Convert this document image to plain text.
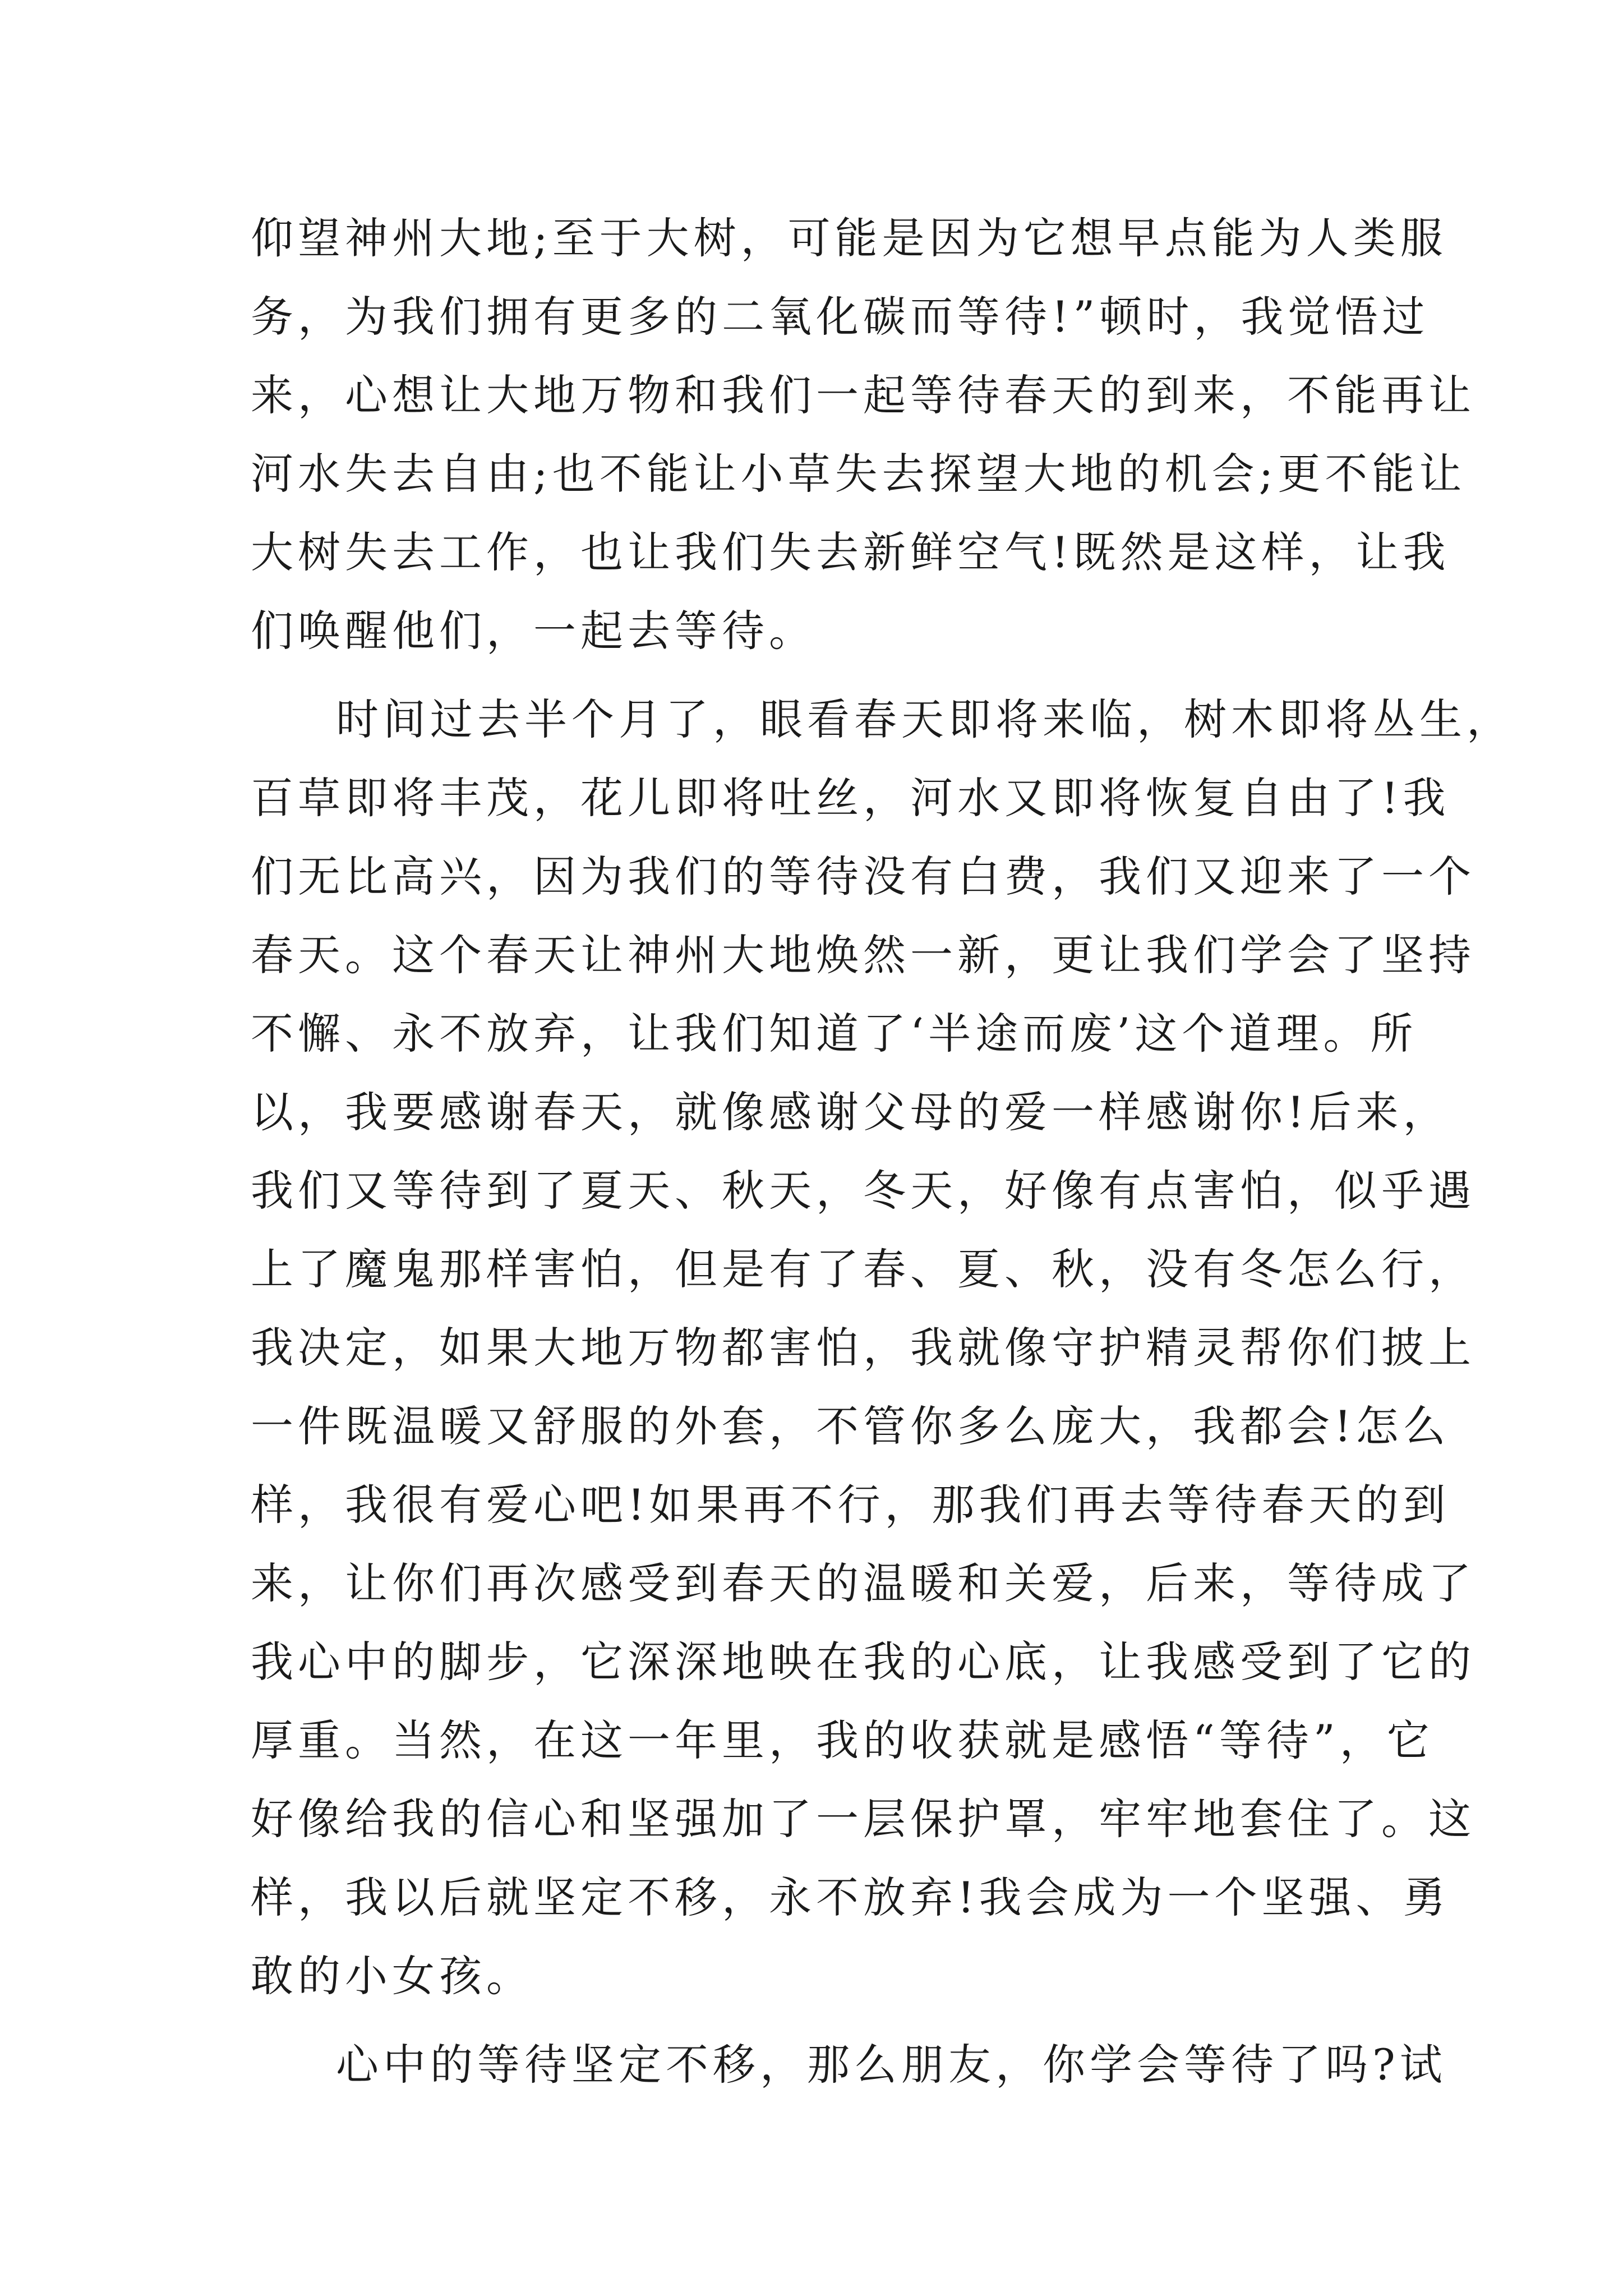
仰望神州大地;至于大树，可能是因为它想早点能为人类服
务，为我们拥有更多的二氧化碳而等待!”顿时，我觉悟过
来，心想让大地万物和我们一起等待春天的到来，不能再让
河水失去自由;也不能让小草失去探望大地的机会;更不能让
大树失去工作，也让我们失去新鲜空气!既然是这样，让我
们唤醒他们，一起去等待。
时间过去半个月了，眼看春天即将来临，树木即将丛生，
百草即将丰茂，花儿即将吐丝，河水又即将恢复自由了!我
们无比高兴，因为我们的等待没有白费，我们又迎来了一个
春天。这个春天让神州大地焕然一新，更让我们学会了坚持
不懈、永不放弃，让我们知道了‘半途而废’这个道理。所
以，我要感谢春天，就像感谢父母的爱一样感谢你!后来，
我们又等待到了夏天、秋天，冬天，好像有点害怕，似乎遇
上了魔鬼那样害怕，但是有了春、夏、秋，没有冬怎么行，
我决定，如果大地万物都害怕，我就像守护精灵帮你们披上
一件既温暖又舒服的外套，不管你多么庞大，我都会!怎么
样，我很有爱心吧!如果再不行，那我们再去等待春天的到
来，让你们再次感受到春天的温暖和关爱，后来，等待成了
我心中的脚步，它深深地映在我的心底，让我感受到了它的
厚重。当然，在这一年里，我的收获就是感悟“等待”，它
好像给我的信心和坚强加了一层保护罩，牢牢地套住了。这
样，我以后就坚定不移，永不放弃!我会成为一个坚强、勇
敢的小女孩。
心中的等待坚定不移，那么朋友，你学会等待了吗?试
